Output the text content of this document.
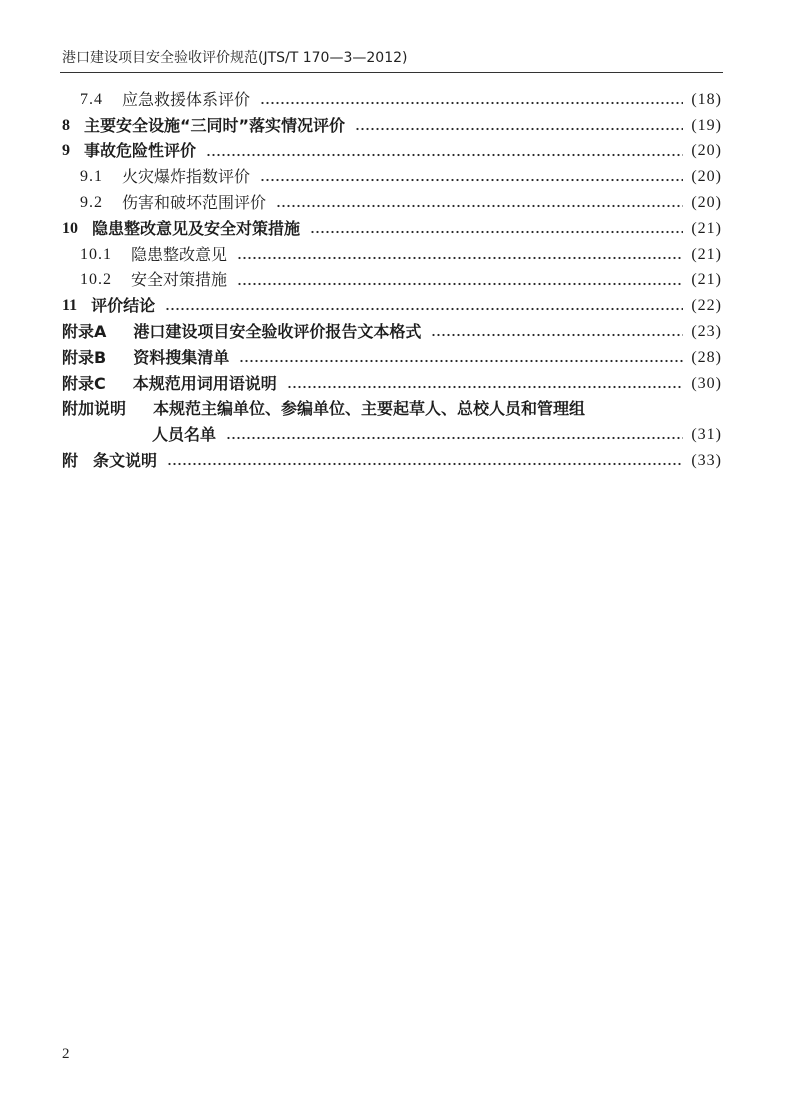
港口建设项目安全验收评价规范(JTS/T 170—3—2012)
7.4 应急救援体系评价	(18)
8 主要安全设施“三同时”落实情况评价	(19)
9 事故危险性评价	(20)
9.1 火灾爆炸指数评价	(20)
9.2 伤害和破坏范围评价	(20)
10 隐患整改意见及安全对策措施	(21)
10.1 隐患整改意见	(21)
10.2 安全对策措施	(21)
11 评价结论	(22)
附录A 港口建设项目安全验收评价报告文本格式	(23)
附录B 资料搜集清单	(28)
附录C 本规范用词用语说明	(30)
附加说明 本规范主编单位、参编单位、主要起草人、总校人员和管理组
人员名单	(31)
附 条文说明	(33)
2
